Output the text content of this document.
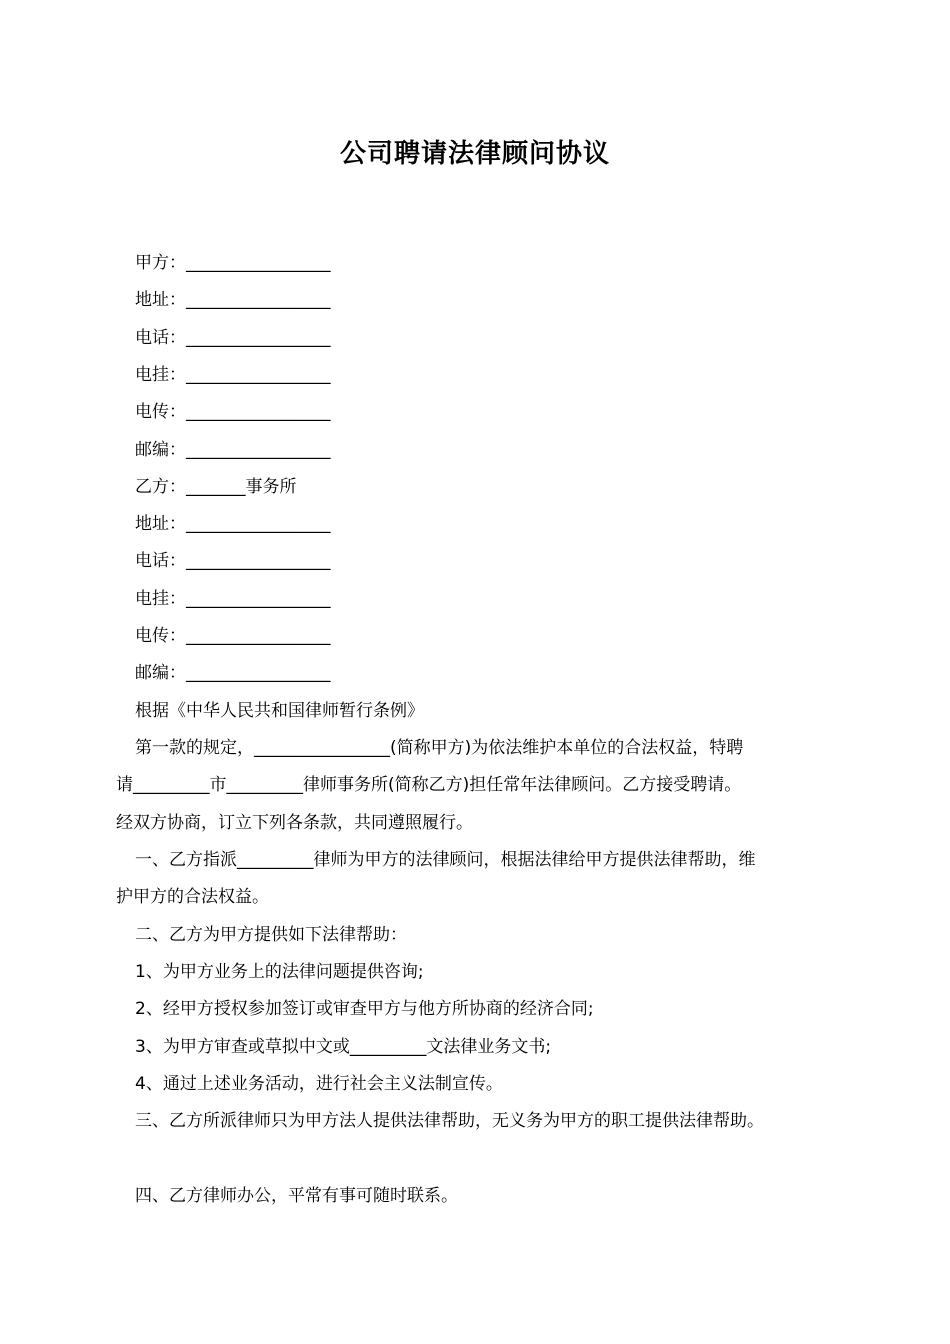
公司聘请法律顾问协议
甲方：_________________
地址：_________________
电话：_________________
电挂：_________________
电传：_________________
邮编：_________________
乙方：_______事务所
地址：_________________
电话：_________________
电挂：_________________
电传：_________________
邮编：_________________
根据《中华人民共和国律师暂行条例》
第一款的规定，________________(简称甲方)为依法维护本单位的合法权益，特聘
请_________市_________律师事务所(简称乙方)担任常年法律顾问。乙方接受聘请。
经双方协商，订立下列各条款，共同遵照履行。
一、乙方指派_________律师为甲方的法律顾问，根据法律给甲方提供法律帮助，维
护甲方的合法权益。
二、乙方为甲方提供如下法律帮助：
1、为甲方业务上的法律问题提供咨询;
2、经甲方授权参加签订或审查甲方与他方所协商的经济合同;
3、为甲方审查或草拟中文或_________文法律业务文书;
4、通过上述业务活动，进行社会主义法制宣传。
三、乙方所派律师只为甲方法人提供法律帮助，无义务为甲方的职工提供法律帮助。
四、乙方律师办公，平常有事可随时联系。
